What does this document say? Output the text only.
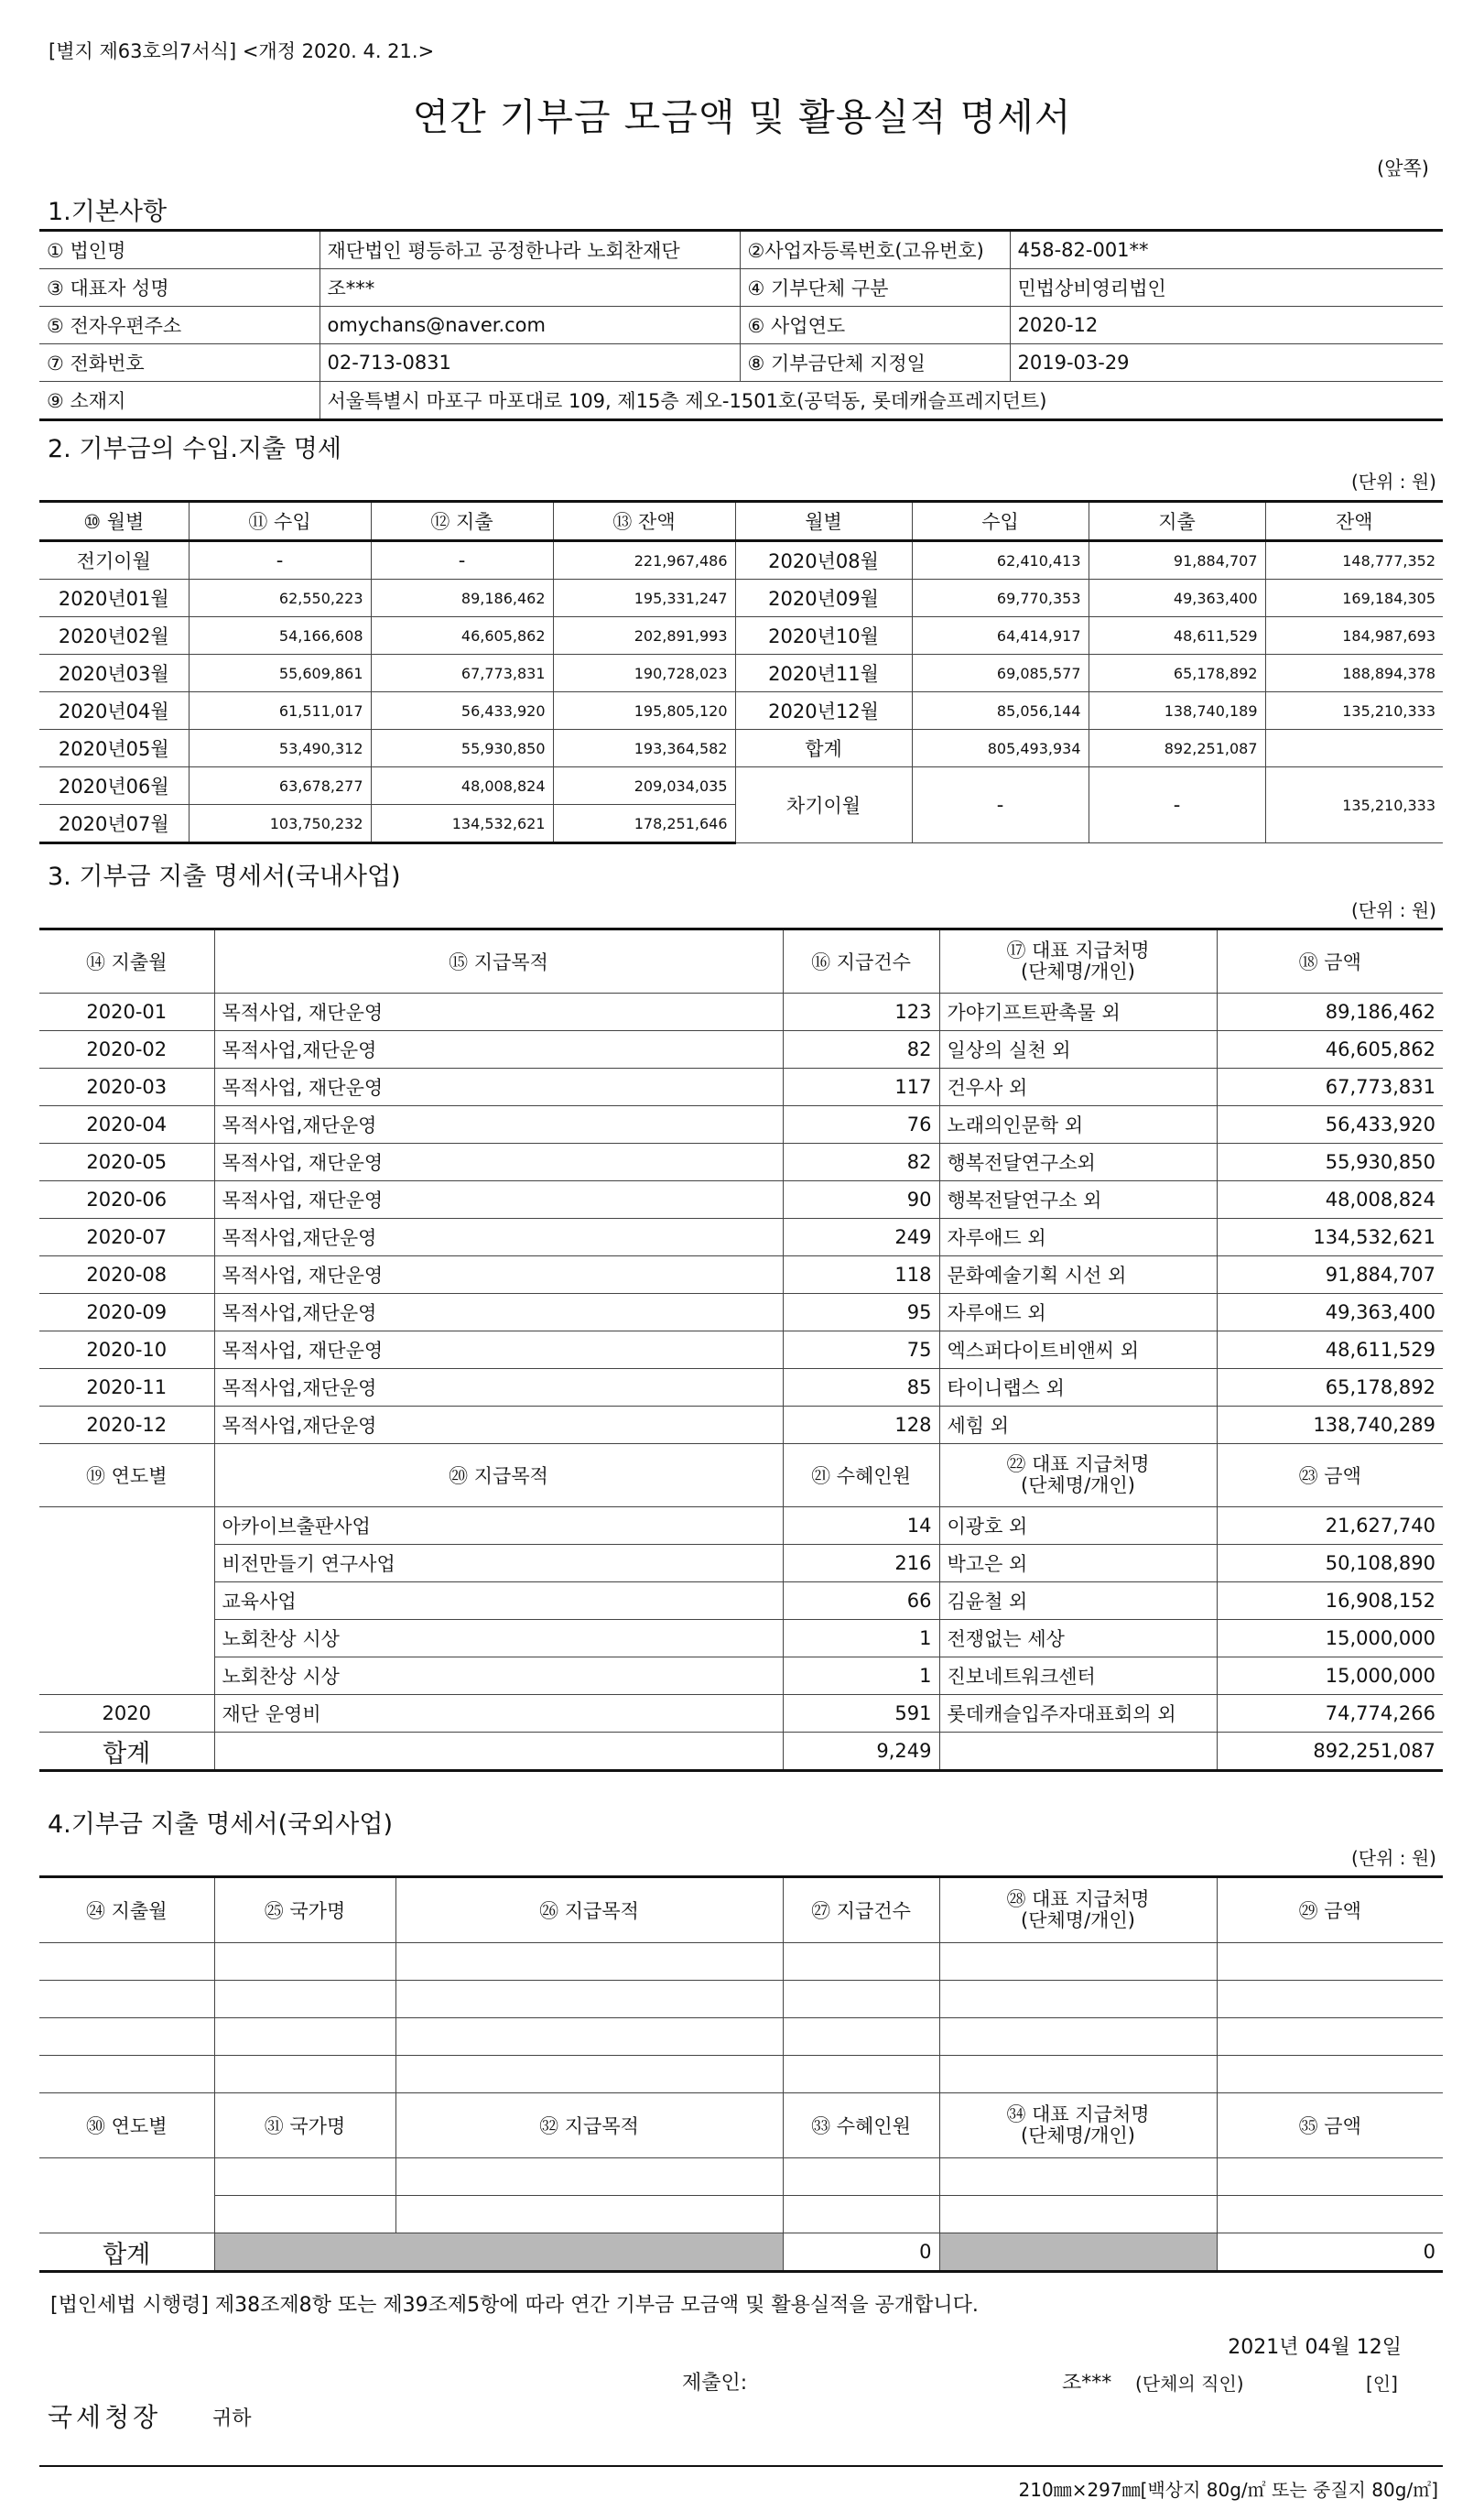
[별지 제63호의7서식] <개정 2020. 4. 21.>
연간 기부금 모금액 및 활용실적 명세서
(앞쪽)
1.기본사항
① 법인명	재단법인 평등하고 공정한나라 노회찬재단	②사업자등록번호(고유번호)	458-82-001**
③ 대표자 성명	조***	④ 기부단체 구분	민법상비영리법인
⑤ 전자우편주소	omychans@naver.com	⑥ 사업연도	2020-12
⑦ 전화번호	02-713-0831	⑧ 기부금단체 지정일	2019-03-29
⑨ 소재지	서울특별시 마포구 마포대로 109, 제15층 제오-1501호(공덕동, 롯데캐슬프레지던트)		
2. 기부금의 수입.지출 명세
(단위 : 원)
⑩ 월별	⑪ 수입	⑫ 지출	⑬ 잔액	월별	수입	지출	잔액
전기이월	-	-	221,967,486	2020년08월	62,410,413	91,884,707	148,777,352
2020년01월	62,550,223	89,186,462	195,331,247	2020년09월	69,770,353	49,363,400	169,184,305
2020년02월	54,166,608	46,605,862	202,891,993	2020년10월	64,414,917	48,611,529	184,987,693
2020년03월	55,609,861	67,773,831	190,728,023	2020년11월	69,085,577	65,178,892	188,894,378
2020년04월	61,511,017	56,433,920	195,805,120	2020년12월	85,056,144	138,740,189	135,210,333
2020년05월	53,490,312	55,930,850	193,364,582	합계	805,493,934	892,251,087	
2020년06월	63,678,277	48,008,824	209,034,035	차기이월	-	-	135,210,333
2020년07월	103,750,232	134,532,621	178,251,646				
3. 기부금 지출 명세서(국내사업)
(단위 : 원)
⑭ 지출월	⑮ 지급목적	⑯ 지급건수	⑰ 대표 지급처명
(단체명/개인)	⑱ 금액
2020-01	목적사업, 재단운영	123	가야기프트판촉물 외	89,186,462
2020-02	목적사업,재단운영	82	일상의 실천 외	46,605,862
2020-03	목적사업, 재단운영	117	건우사 외	67,773,831
2020-04	목적사업,재단운영	76	노래의인문학 외	56,433,920
2020-05	목적사업, 재단운영	82	행복전달연구소외	55,930,850
2020-06	목적사업, 재단운영	90	행복전달연구소 외	48,008,824
2020-07	목적사업,재단운영	249	자루애드 외	134,532,621
2020-08	목적사업, 재단운영	118	문화예술기획 시선 외	91,884,707
2020-09	목적사업,재단운영	95	자루애드 외	49,363,400
2020-10	목적사업, 재단운영	75	엑스퍼다이트비앤씨 외	48,611,529
2020-11	목적사업,재단운영	85	타이니랩스 외	65,178,892
2020-12	목적사업,재단운영	128	세힘 외	138,740,289
⑲ 연도별	⑳ 지급목적	㉑ 수혜인원	㉒ 대표 지급처명
(단체명/개인)	㉓ 금액
	아카이브출판사업	14	이광호 외	21,627,740
	비전만들기 연구사업	216	박고은 외	50,108,890
	교육사업	66	김윤철 외	16,908,152
	노회찬상 시상	1	전쟁없는 세상	15,000,000
	노회찬상 시상	1	진보네트워크센터	15,000,000
2020	재단 운영비	591	롯데캐슬입주자대표회의 외	74,774,266
합계		9,249		892,251,087
4.기부금 지출 명세서(국외사업)
(단위 : 원)
㉔ 지출월	㉕ 국가명	㉖ 지급목적	㉗ 지급건수	㉘ 대표 지급처명
(단체명/개인)	㉙ 금액

㉚ 연도별	㉛ 국가명	㉜ 지급목적	㉝ 수혜인원	㉞ 대표 지급처명
(단체명/개인)	㉟ 금액

합계			0		0
[법인세법 시행령] 제38조제8항 또는 제39조제5항에 따라 연간 기부금 모금액 및 활용실적을 공개합니다.
2021년 04월 12일
제출인:	조*** (단체의 직인)	[인]
국세청장	귀하
210㎜×297㎜[백상지 80g/㎡ 또는 중질지 80g/㎡]
